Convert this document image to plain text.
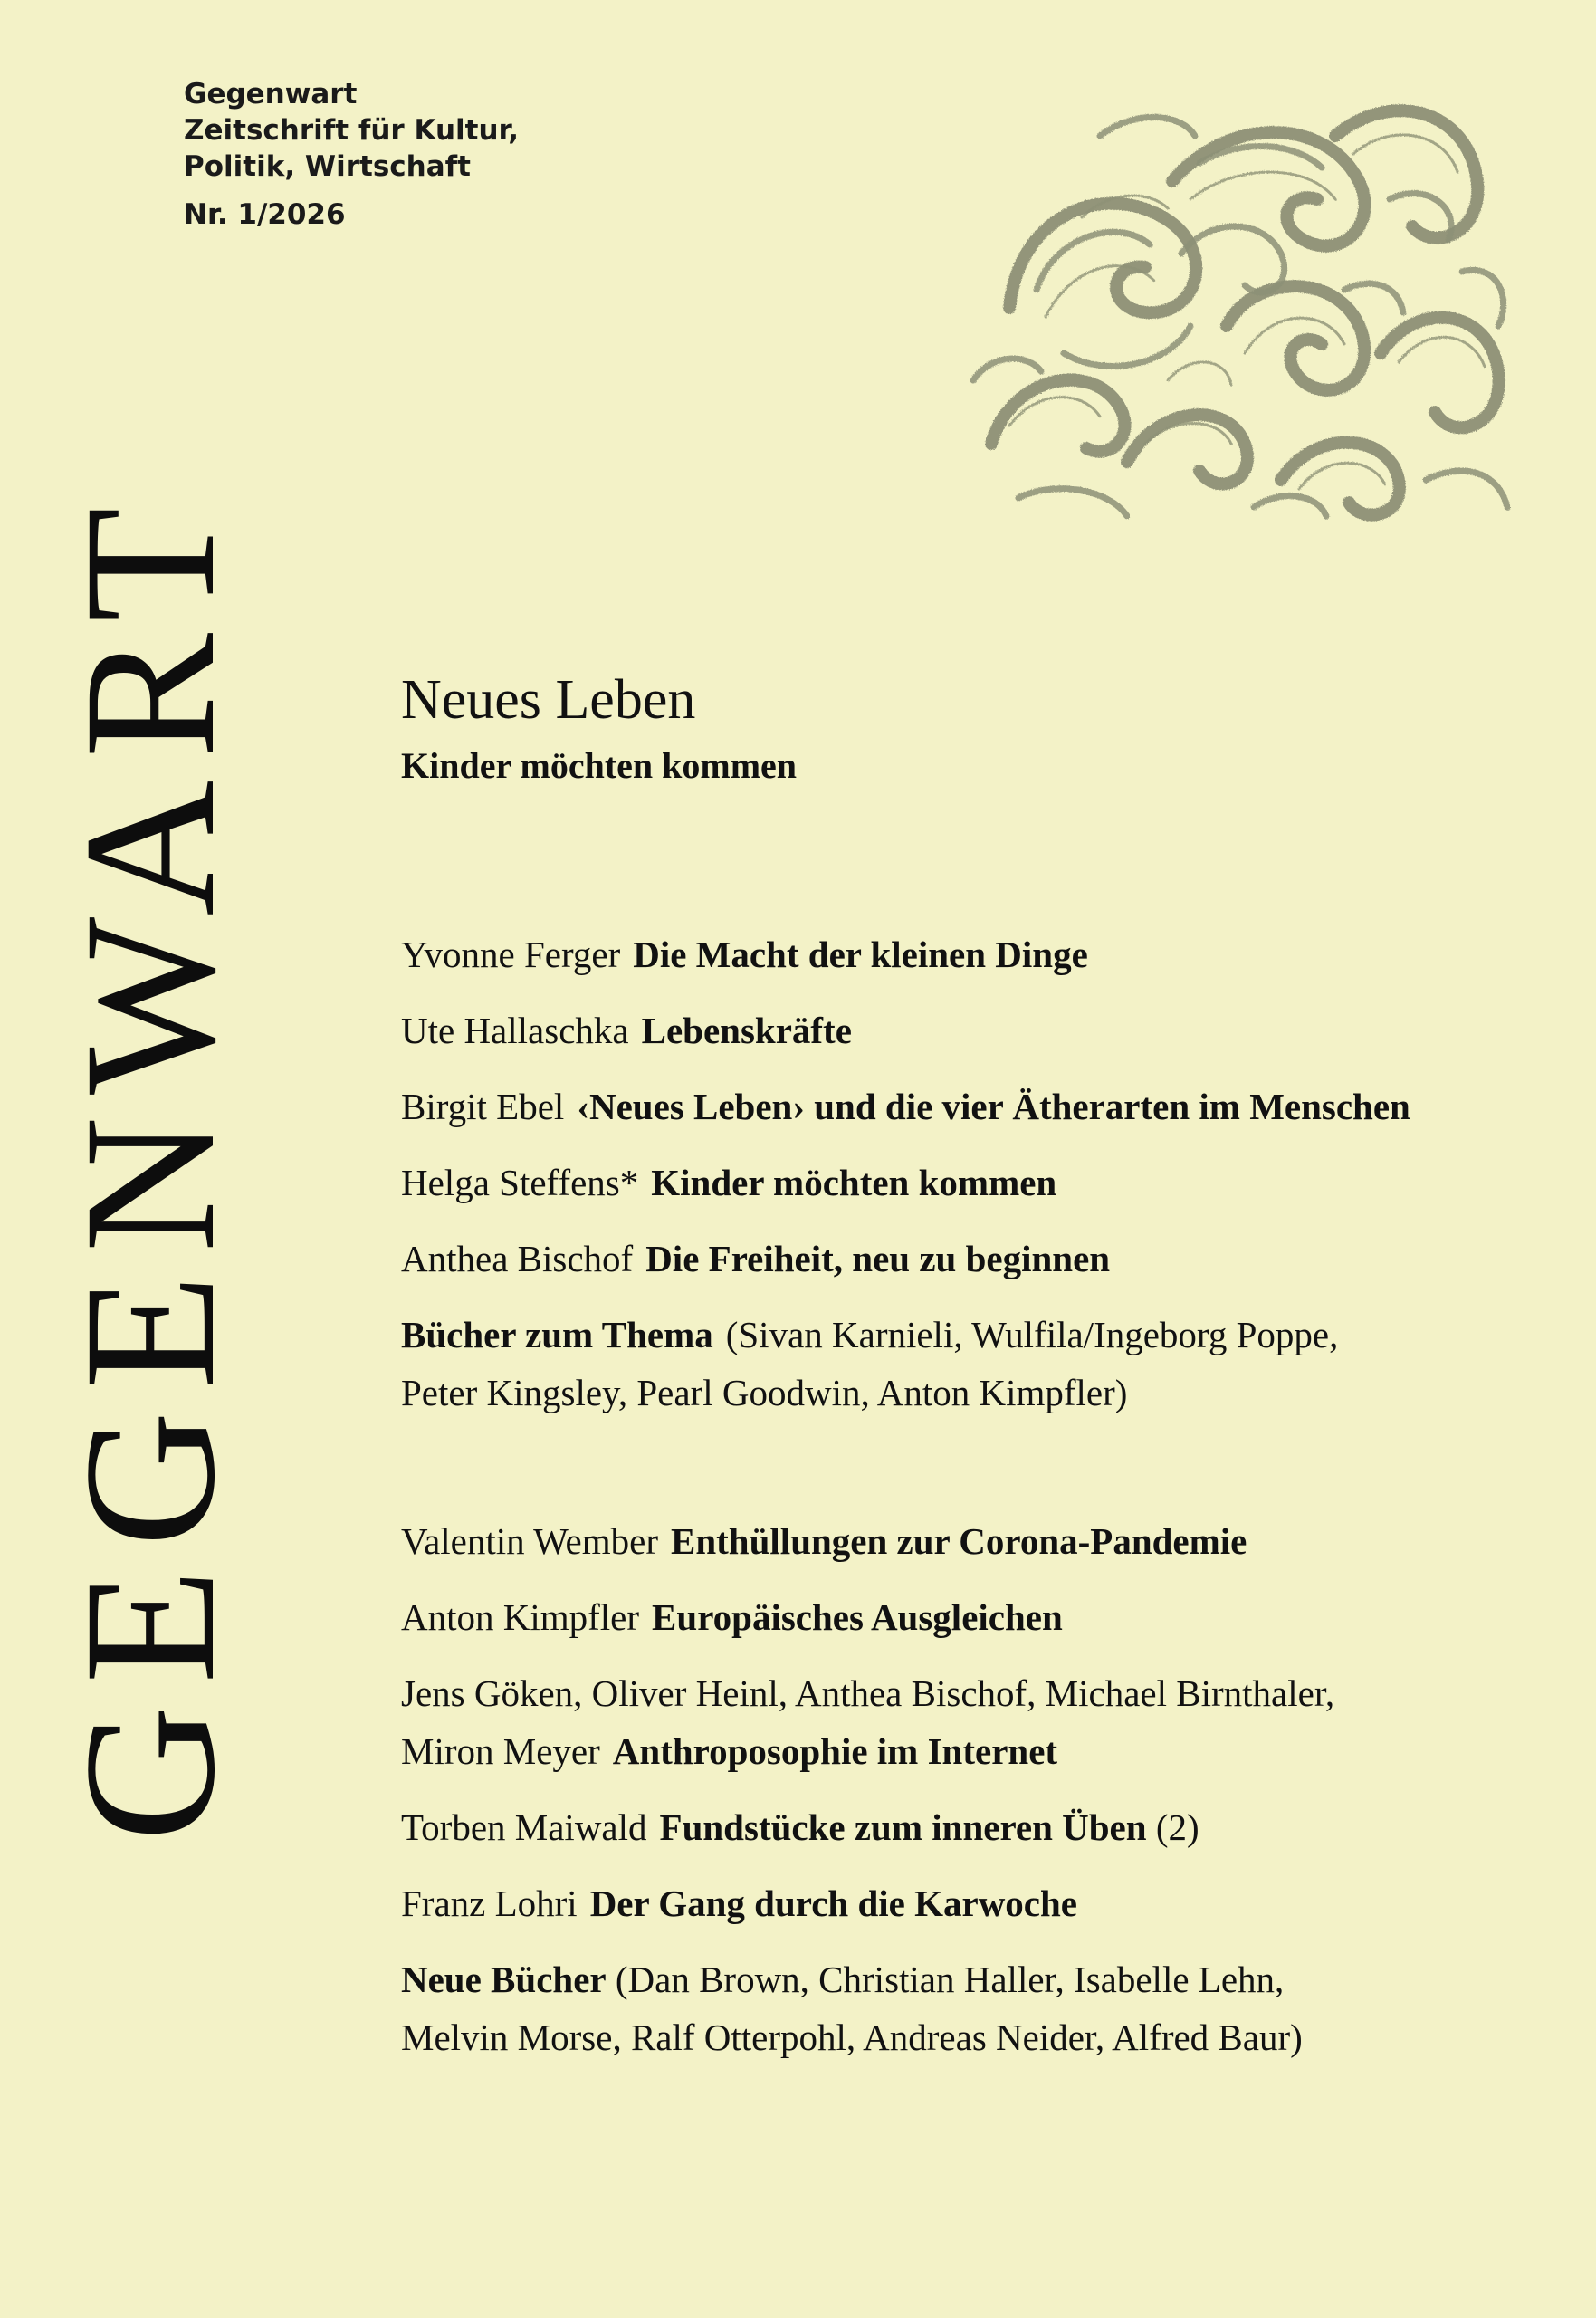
Gegenwart
Zeitschrift für Kultur,
Politik, Wirtschaft
Nr. 1/2026
GEGENWART	Neues Leben
Kinder möchten kommen
Yvonne Ferger Die Macht der kleinen Dinge
Ute Hallaschka Lebenskräfte
Birgit Ebel ‹Neues Leben› und die vier Ätherarten im Menschen
Helga Steffens* Kinder möchten kommen
Anthea Bischof Die Freiheit, neu zu beginnen
Bücher zum Thema (Sivan Karnieli, Wulfila/Ingeborg Poppe,
Peter Kingsley, Pearl Goodwin, Anton Kimpfler)
Valentin Wember Enthüllungen zur Corona-Pandemie
Anton Kimpfler Europäisches Ausgleichen
Jens Göken, Oliver Heinl, Anthea Bischof, Michael Birnthaler,
Miron Meyer Anthroposophie im Internet
Torben Maiwald Fundstücke zum inneren Üben (2)
Franz Lohri Der Gang durch die Karwoche
Neue Bücher (Dan Brown, Christian Haller, Isabelle Lehn,
Melvin Morse, Ralf Otterpohl, Andreas Neider, Alfred Baur)
